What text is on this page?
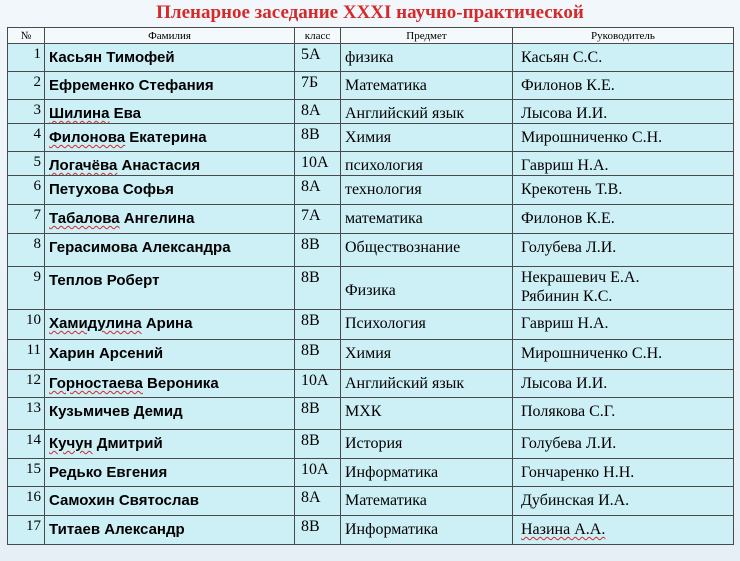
Пленарное заседание XXXI научно-практической
№	Фамилия	класс	Предмет	Руководитель
1	Касьян Тимофей	5А	физика	Касьян С.С.

2	Ефременко Стефания	7Б	Математика	Филонов К.Е.

3	Шилина Ева	8А	Английский язык	Лысова И.И.

4	Филонова Екатерина	8В	Химия	Мирошниченко С.Н.

5	Логачёва Анастасия	10А	психология	Гавриш Н.А.

6	Петухова Софья	8А	технология	Крекотень Т.В.

7	Табалова Ангелина	7А	математика	Филонов К.Е.

8	Герасимова Александра	8В	Обществознание	Голубева Л.И.

9	Теплов Роберт	8В	Физика	Некрашевич Е.А.
Рябинин К.С.

10	Хамидулина Арина	8В	Психология	Гавриш Н.А.

11	Харин Арсений	8В	Химия	Мирошниченко С.Н.

12	Горностаева Вероника	10А	Английский язык	Лысова И.И.

13	Кузьмичев Демид	8В	МХК	Полякова С.Г.

14	Кучун Дмитрий	8В	История	Голубева Л.И.

15	Редько Евгения	10А	Информатика	Гончаренко Н.Н.

16	Самохин Святослав	8А	Математика	Дубинская И.А.

17	Титаев Александр	8В	Информатика	Назина А.А.
